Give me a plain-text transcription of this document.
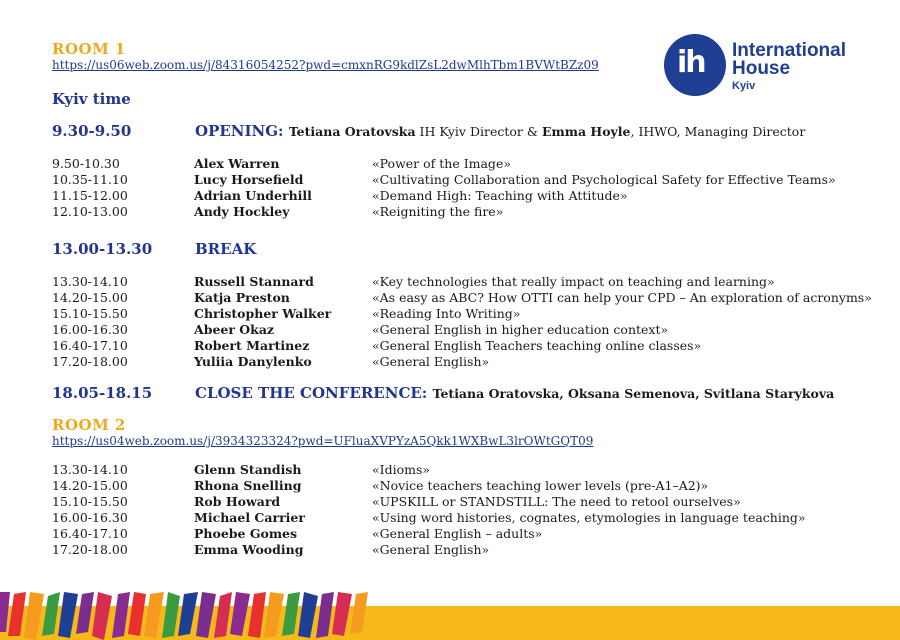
ROOM 1
https://us06web.zoom.us/j/84316054252?pwd=cmxnRG9kdlZsL2dwMlhTbm1BVWtBZz09
Kyiv time
ih International
House
Kyiv
9.30-9.50	OPENING: Tetiana Oratovska IH Kyiv Director & Emma Hoyle, IHWO, Managing Director
9.50-10.30	Alex Warren	«Power of the Image»
10.35-11.10	Lucy Horsefield	«Cultivating Collaboration and Psychological Safety for Effective Teams»
11.15-12.00	Adrian Underhill	«Demand High: Teaching with Attitude»
12.10-13.00	Andy Hockley	«Reigniting the fire»
13.00-13.30	BREAK
13.30-14.10	Russell Stannard	«Key technologies that really impact on teaching and learning»
14.20-15.00	Katja Preston	«As easy as ABC? How OTTI can help your CPD – An exploration of acronyms»
15.10-15.50	Christopher Walker	«Reading Into Writing»
16.00-16.30	Abeer Okaz	«General English in higher education context»
16.40-17.10	Robert Martinez	«General English Teachers teaching online classes»
17.20-18.00	Yuliia Danylenko	«General English»
18.05-18.15	CLOSE THE CONFERENCE: Tetiana Oratovska, Oksana Semenova, Svitlana Starykova
ROOM 2
https://us04web.zoom.us/j/3934323324?pwd=UFluaXVPYzA5Qkk1WXBwL3lrOWtGQT09
13.30-14.10	Glenn Standish	«Idioms»
14.20-15.00	Rhona Snelling	«Novice teachers teaching lower levels (pre-A1–A2)»
15.10-15.50	Rob Howard	«UPSKILL or STANDSTILL: The need to retool ourselves»
16.00-16.30	Michael Carrier	«Using word histories, cognates, etymologies in language teaching»
16.40-17.10	Phoebe Gomes	«General English – adults»
17.20-18.00	Emma Wooding	«General English»
